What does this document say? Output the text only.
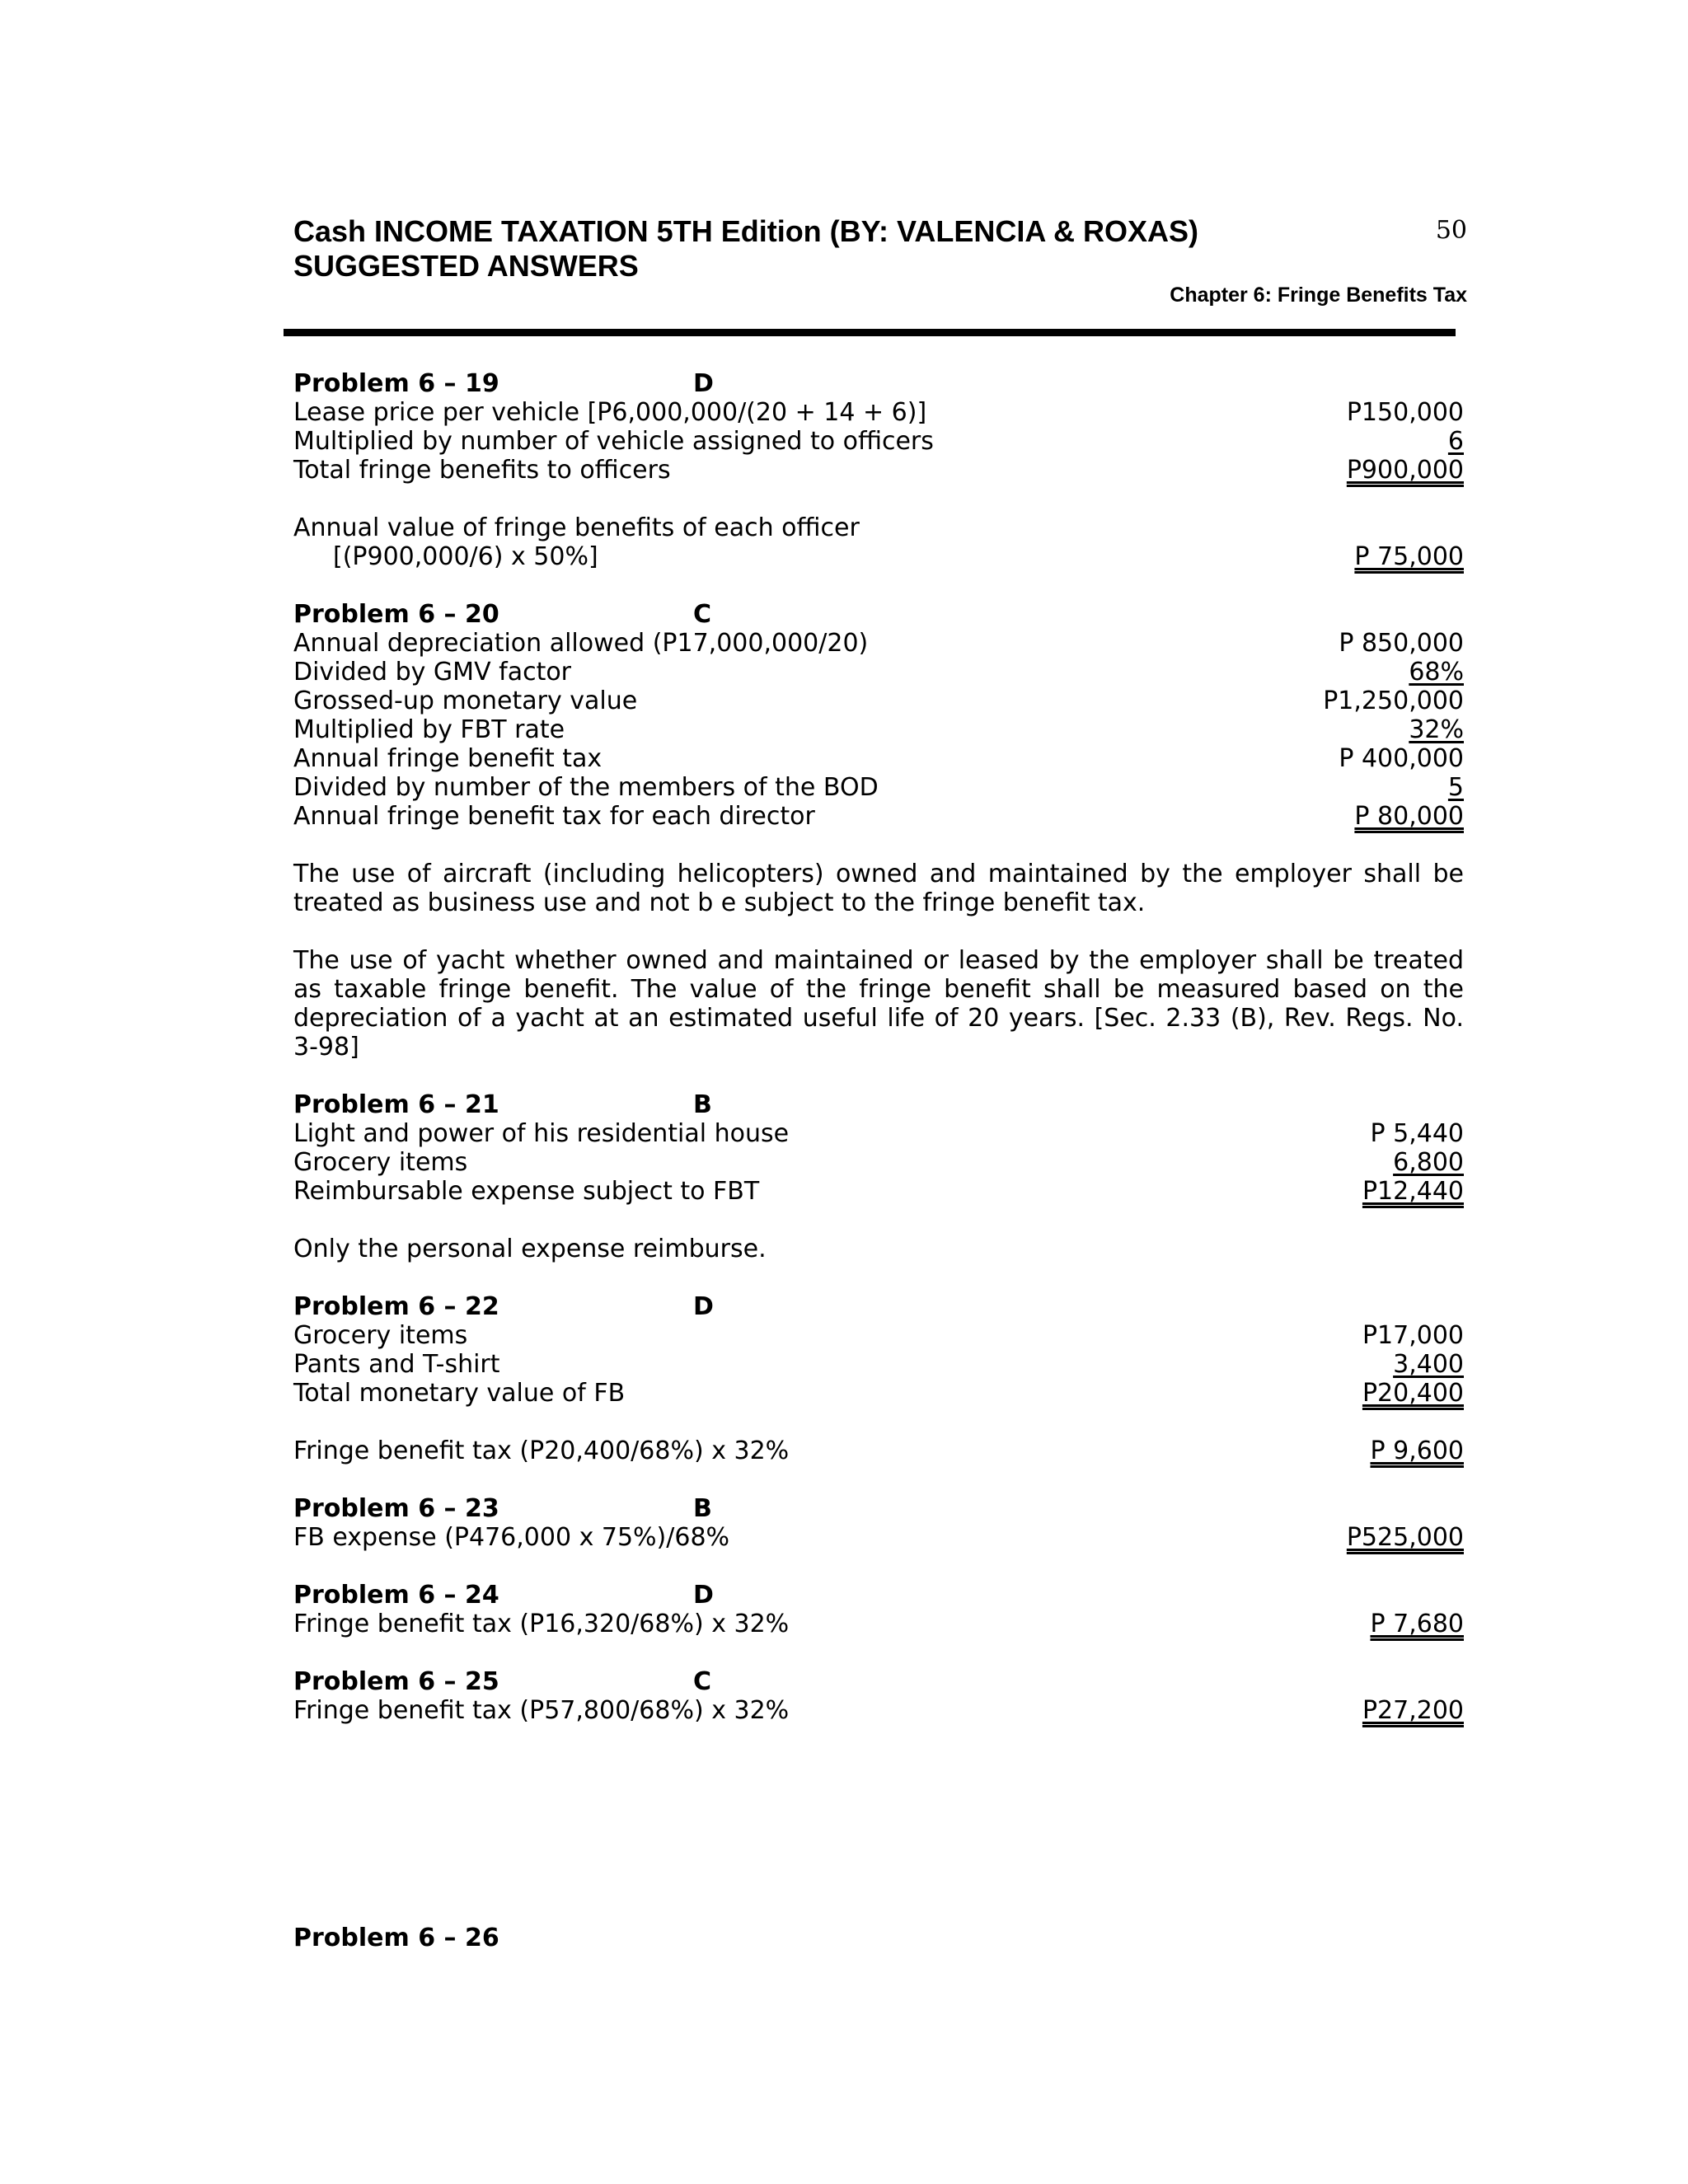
Cash INCOME TAXATION 5TH Edition (BY: VALENCIA & ROXAS)
SUGGESTED ANSWERS
50
Chapter 6: Fringe Benefits Tax
Problem 6 – 19	D
Lease price per vehicle [P6,000,000/(20 + 14 + 6)]	P150,000
Multiplied by number of vehicle assigned to officers	6
Total fringe benefits to officers	P900,000
Annual value of fringe benefits of each officer
[(P900,000/6) x 50%]	P 75,000
Problem 6 – 20	C
Annual depreciation allowed (P17,000,000/20)	P 850,000
Divided by GMV factor	68%
Grossed-up monetary value	P1,250,000
Multiplied by FBT rate	32%
Annual fringe benefit tax	P 400,000
Divided by number of the members of the BOD	5
Annual fringe benefit tax for each director	P 80,000

The use of aircraft (including helicopters) owned and maintained by the employer shall be treated as business use and not b e subject to the fringe benefit tax.

The use of yacht whether owned and maintained or leased by the employer shall be treated as taxable fringe benefit. The value of the fringe benefit shall be measured based on the depreciation of a yacht at an estimated useful life of 20 years. [Sec. 2.33 (B), Rev. Regs. No. 3-98]

Problem 6 – 21	B
Light and power of his residential house	P 5,440
Grocery items	6,800
Reimbursable expense subject to FBT	P12,440

Only the personal expense reimburse.

Problem 6 – 22	D
Grocery items	P17,000
Pants and T-shirt	3,400
Total monetary value of FB	P20,400
Fringe benefit tax (P20,400/68%) x 32%	P 9,600
Problem 6 – 23	B
FB expense (P476,000 x 75%)/68%	P525,000
Problem 6 – 24	D
Fringe benefit tax (P16,320/68%) x 32%	P 7,680
Problem 6 – 25	C
Fringe benefit tax (P57,800/68%) x 32%	P27,200
Problem 6 – 26
